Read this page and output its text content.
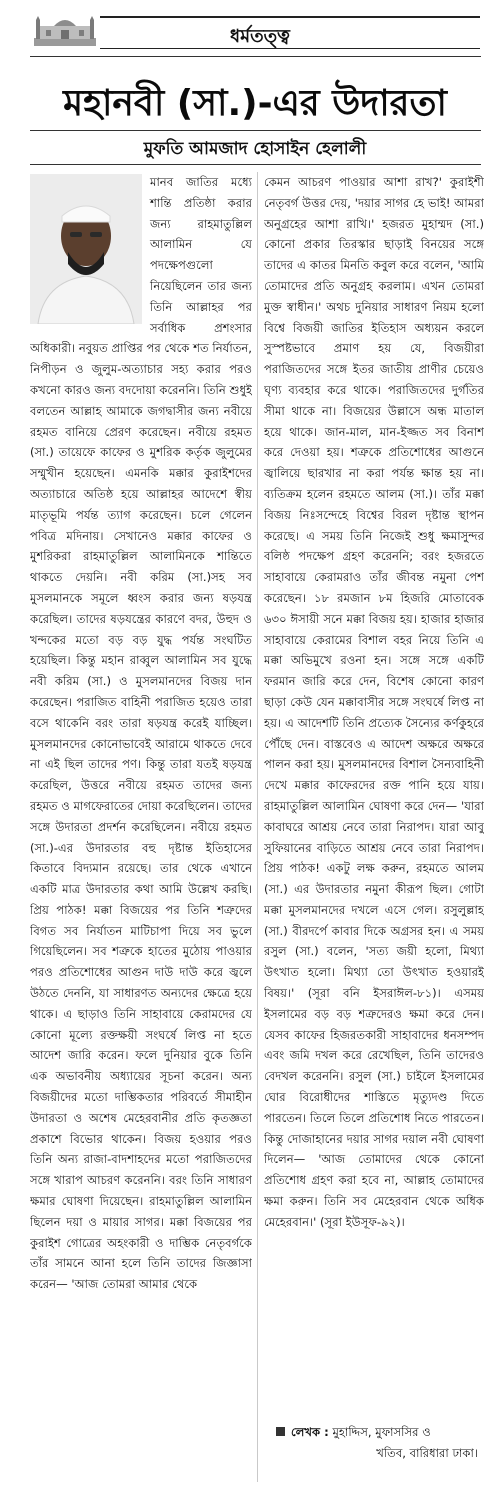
ধর্মতত্ত্ব
মহানবী (সা.)-এর উদারতা
মুফতি আমজাদ হোসাইন হেলালী

মানব জাতির মধ্যে শান্তি প্রতিষ্ঠা করার জন্য রাহমাতুল্লিল আলামিন যে পদক্ষেপগুলো নিয়েছিলেন তার জন্য তিনি আল্লাহর পর সর্বাধিক প্রশংসার অধিকারী। নবুয়ত প্রাপ্তির পর থেকে শত নির্যাতন, নিপীড়ন ও জুলুম-অত্যাচার সহ্য করার পরও কখনো কারও জন্য বদদোয়া করেননি। তিনি শুধুই বলতেন আল্লাহ আমাকে জগদ্বাসীর জন্য নবীয়ে রহমত বানিয়ে প্রেরণ করেছেন। নবীয়ে রহমত (সা.) তায়েফে কাফের ও মুশরিক কর্তৃক জুলুমের সম্মুখীন হয়েছেন। এমনকি মক্কার কুরাইশদের অত্যাচারে অতিষ্ঠ হয়ে আল্লাহর আদেশে স্বীয় মাতৃভূমি পর্যন্ত ত্যাগ করেছেন। চলে গেলেন পবিত্র মদিনায়। সেখানেও মক্কার কাফের ও মুশরিকরা রাহমাতুল্লিল আলামিনকে শান্তিতে থাকতে দেয়নি। নবী করিম (সা.)সহ সব মুসলমানকে সমূলে ধ্বংস করার জন্য ষড়যন্ত্র করেছিল। তাদের ষড়যন্ত্রের কারণে বদর, উহুদ ও খন্দকের মতো বড় বড় যুদ্ধ পর্যন্ত সংঘটিত হয়েছিল। কিন্তু মহান রাব্বুল আলামিন সব যুদ্ধে নবী করিম (সা.) ও মুসলমানদের বিজয় দান করেছেন। পরাজিত বাহিনী পরাজিত হয়েও তারা বসে থাকেনি বরং তারা ষড়যন্ত্র করেই যাচ্ছিল। মুসলমানদের কোনোভাবেই আরামে থাকতে দেবে না এই ছিল তাদের পণ। কিন্তু তারা যতই ষড়যন্ত্র করেছিল, উত্তরে নবীয়ে রহমত তাদের জন্য রহমত ও মাগফেরাতের দোয়া করেছিলেন। তাদের সঙ্গে উদারতা প্রদর্শন করেছিলেন। নবীয়ে রহমত (সা.)-এর উদারতার বহু দৃষ্টান্ত ইতিহাসের কিতাবে বিদ্যমান রয়েছে। তার থেকে এখানে একটি মাত্র উদারতার কথা আমি উল্লেখ করছি। প্রিয় পাঠক! মক্কা বিজয়ের পর তিনি শত্রুদের বিগত সব নির্যাতন মাটিচাপা দিয়ে সব ভুলে গিয়েছিলেন। সব শত্রুকে হাতের মুঠোয় পাওয়ার পরও প্রতিশোধের আগুন দাউ দাউ করে জ্বলে উঠতে দেননি, যা সাধারণত অন্যদের ক্ষেত্রে হয়ে থাকে। এ ছাড়াও তিনি সাহাবায়ে কেরামদের যে কোনো মূল্যে রক্তক্ষয়ী সংঘর্ষে লিপ্ত না হতে আদেশ জারি করেন। ফলে দুনিয়ার বুকে তিনি এক অভাবনীয় অধ্যায়ের সূচনা করেন। অন্য বিজয়ীদের মতো দাম্ভিকতার পরিবর্তে সীমাহীন উদারতা ও অশেষ মেহেরবানীর প্রতি কৃতজ্ঞতা প্রকাশে বিভোর থাকেন। বিজয় হওয়ার পরও তিনি অন্য রাজা-বাদশাহদের মতো পরাজিতদের সঙ্গে খারাপ আচরণ করেননি। বরং তিনি সাধারণ ক্ষমার ঘোষণা দিয়েছেন। রাহমাতুল্লিল আলামিন ছিলেন দয়া ও মায়ার সাগর। মক্কা বিজয়ের পর কুরাইশ গোত্রের অহংকারী ও দাম্ভিক নেতৃবর্গকে তাঁর সামনে আনা হলে তিনি তাদের জিজ্ঞাসা করেন— 'আজ তোমরা আমার থেকে

কেমন আচরণ পাওয়ার আশা রাখ?' কুরাইশী নেতৃবর্গ উত্তর দেয়, 'দয়ার সাগর হে ভাই! আমরা অনুগ্রহের আশা রাখি।' হজরত মুহাম্মদ (সা.) কোনো প্রকার তিরস্কার ছাড়াই বিনয়ের সঙ্গে তাদের এ কাতর মিনতি কবুল করে বলেন, 'আমি তোমাদের প্রতি অনুগ্রহ করলাম। এখন তোমরা মুক্ত স্বাধীন।' অথচ দুনিয়ার সাধারণ নিয়ম হলো বিশ্বে বিজয়ী জাতির ইতিহাস অধ্যয়ন করলে সুস্পষ্টভাবে প্রমাণ হয় যে, বিজয়ীরা পরাজিতদের সঙ্গে ইতর জাতীয় প্রাণীর চেয়েও ঘৃণ্য ব্যবহার করে থাকে। পরাজিতদের দুর্গতির সীমা থাকে না। বিজয়ের উল্লাসে অন্ধ মাতাল হয়ে থাকে। জান-মাল, মান-ইজ্জত সব বিনাশ করে দেওয়া হয়। শত্রুকে প্রতিশোধের আগুনে জ্বালিয়ে ছারখার না করা পর্যন্ত ক্ষান্ত হয় না। ব্যতিক্রম হলেন রহমতে আলম (সা.)। তাঁর মক্কা বিজয় নিঃসন্দেহে বিশ্বের বিরল দৃষ্টান্ত স্থাপন করেছে। এ সময় তিনি নিজেই শুধু ক্ষমাসুন্দর বলিষ্ঠ পদক্ষেপ গ্রহণ করেননি; বরং হজরতে সাহাবায়ে কেরামরাও তাঁর জীবন্ত নমুনা পেশ করেছেন। ১৮ রমজান ৮ম হিজরি মোতাবেক ৬৩০ ঈসায়ী সনে মক্কা বিজয় হয়। হাজার হাজার সাহাবায়ে কেরামের বিশাল বহর নিয়ে তিনি এ মক্কা অভিমুখে রওনা হন। সঙ্গে সঙ্গে একটি ফরমান জারি করে দেন, বিশেষ কোনো কারণ ছাড়া কেউ যেন মক্কাবাসীর সঙ্গে সংঘর্ষে লিপ্ত না হয়। এ আদেশটি তিনি প্রত্যেক সৈন্যের কর্ণকুহরে পৌঁছে দেন। বাস্তবেও এ আদেশ অক্ষরে অক্ষরে পালন করা হয়। মুসলমানদের বিশাল সৈন্যবাহিনী দেখে মক্কার কাফেরদের রক্ত পানি হয়ে যায়। রাহমাতুল্লিল আলামিন ঘোষণা করে দেন— 'যারা কাবাঘরে আশ্রয় নেবে তারা নিরাপদ। যারা আবু সুফিয়ানের বাড়িতে আশ্রয় নেবে তারা নিরাপদ। প্রিয় পাঠক! একটু লক্ষ করুন, রহমতে আলম (সা.) এর উদারতার নমুনা কীরূপ ছিল। গোটা মক্কা মুসলমানদের দখলে এসে গেল। রসুলুল্লাহ (সা.) বীরদর্পে কাবার দিকে অগ্রসর হন। এ সময় রসুল (সা.) বলেন, 'সত্য জয়ী হলো, মিথ্যা উৎখাত হলো। মিথ্যা তো উৎখাত হওয়ারই বিষয়।' (সূরা বনি ইসরাঈল-৮১)। এসময় ইসলামের বড় বড় শত্রুদেরও ক্ষমা করে দেন। যেসব কাফের হিজরতকারী সাহাবাদের ধনসম্পদ এবং জমি দখল করে রেখেছিল, তিনি তাদেরও বেদখল করেননি। রসুল (সা.) চাইলে ইসলামের ঘোর বিরোধীদের শাস্তিতে মৃত্যুদণ্ড দিতে পারতেন। তিলে তিলে প্রতিশোধ নিতে পারতেন। কিন্তু দোজাহানের দয়ার সাগর দয়াল নবী ঘোষণা দিলেন— 'আজ তোমাদের থেকে কোনো প্রতিশোধ গ্রহণ করা হবে না, আল্লাহ তোমাদের ক্ষমা করুন। তিনি সব মেহেরবান থেকে অধিক মেহেরবান।' (সূরা ইউসূফ-৯২)।

লেখক : মুহাদ্দিস, মুফাসসির ও
খতিব, বারিধারা ঢাকা।
